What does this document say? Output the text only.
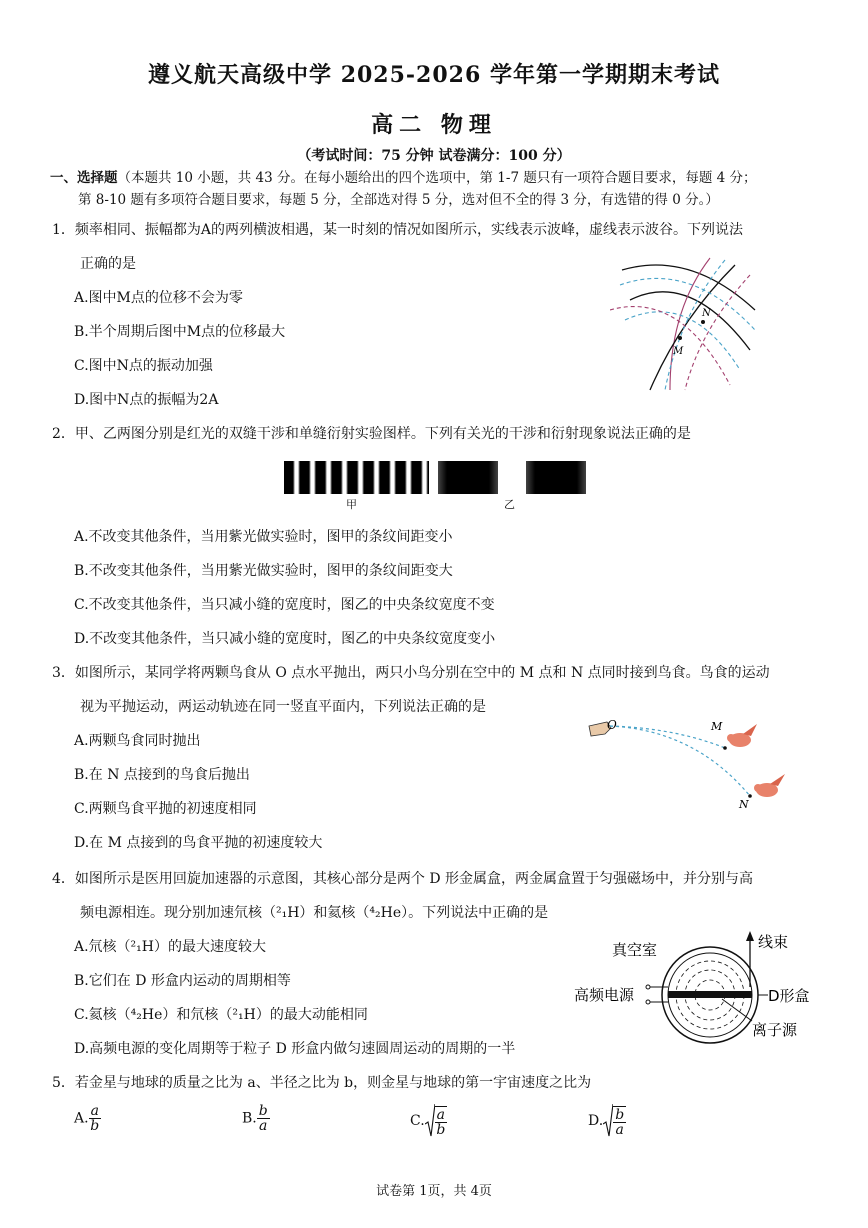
遵义航天高级中学 2025-2026 学年第一学期期末考试
高二 物理
（考试时间：75 分钟 试卷满分：100 分）
一、选择题（本题共 10 小题，共 43 分。在每小题给出的四个选项中，第 1-7 题只有一项符合题目要求，每题 4 分；
第 8-10 题有多项符合题目要求，每题 5 分，全部选对得 5 分，选对但不全的得 3 分，有选错的得 0 分。）
1．频率相同、振幅都为A的两列横波相遇，某一时刻的情况如图所示，实线表示波峰，虚线表示波谷。下列说法
正确的是
A.图中M点的位移不会为零
B.半个周期后图中M点的位移最大
C.图中N点的振动加强
D.图中N点的振幅为2A
N
M
2．甲、乙两图分别是红光的双缝干涉和单缝衍射实验图样。下列有关光的干涉和衍射现象说法正确的是
甲	乙
A.不改变其他条件，当用紫光做实验时，图甲的条纹间距变小
B.不改变其他条件，当用紫光做实验时，图甲的条纹间距变大
C.不改变其他条件，当只减小缝的宽度时，图乙的中央条纹宽度不变
D.不改变其他条件，当只减小缝的宽度时，图乙的中央条纹宽度变小
3．如图所示，某同学将两颗鸟食从 O 点水平抛出，两只小鸟分别在空中的 M 点和 N 点同时接到鸟食。鸟食的运动
视为平抛运动，两运动轨迹在同一竖直平面内，下列说法正确的是
A.两颗鸟食同时抛出
B.在 N 点接到的鸟食后抛出
C.两颗鸟食平抛的初速度相同
D.在 M 点接到的鸟食平抛的初速度较大
O	M
N
4．如图所示是医用回旋加速器的示意图，其核心部分是两个 D 形金属盒，两金属盒置于匀强磁场中，并分别与高
频电源相连。现分别加速氘核（²₁H）和氦核（⁴₂He）。下列说法中正确的是
A.氘核（²₁H）的最大速度较大
B.它们在 D 形盒内运动的周期相等
C.氦核（⁴₂He）和氘核（²₁H）的最大动能相同
D.高频电源的变化周期等于粒子 D 形盒内做匀速圆周运动的周期的一半
真空室	线束
高频电源	D形盒
离子源
5．若金星与地球的质量之比为 a、半径之比为 b，则金星与地球的第一宇宙速度之比为
A. $\frac{a}{b}$	B. $\frac{b}{a}$	C. $\frac{a}{b}$	D. $\frac{b}{a}$
试卷第 1页，共 4页
